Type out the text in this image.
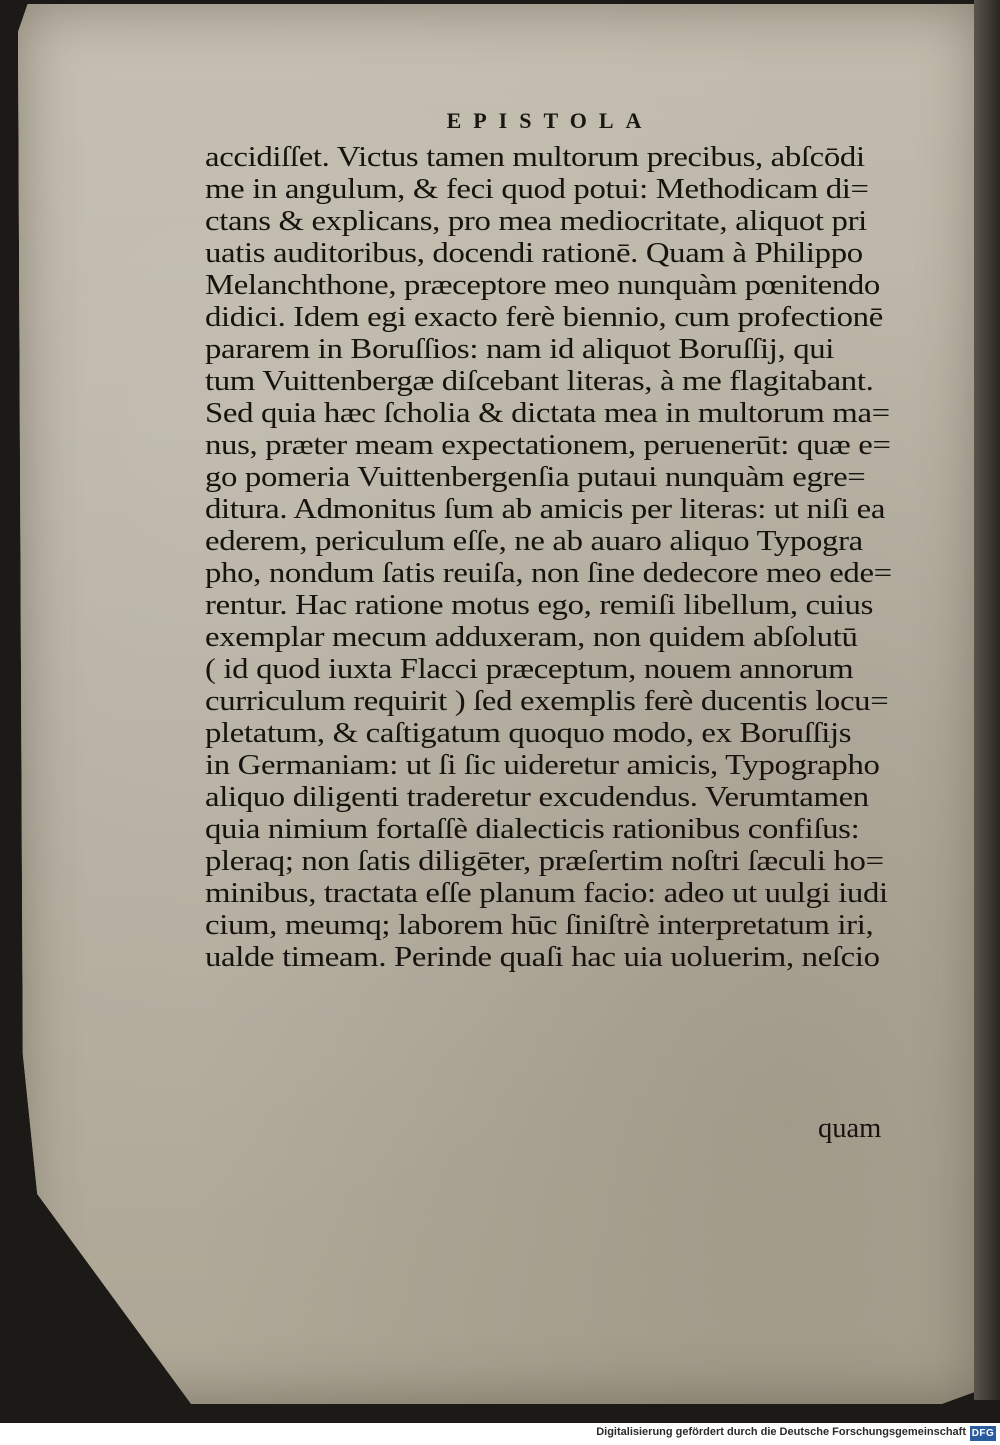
EPISTOLA
accidiſſet. Victus tamen multorum precibus, abſcōdi
me in angulum, & feci quod potui: Methodicam di=
ctans & explicans, pro mea mediocritate, aliquot pri
uatis auditoribus, docendi rationē. Quam à Philippo
Melanchthone, præceptore meo nunquàm pœnitendo
didici. Idem egi exacto ferè biennio, cum profectionē
pararem in Boruſſios: nam id aliquot Boruſſij, qui
tum Vuittenbergæ diſcebant literas, à me flagitabant.
Sed quia hæc ſcholia & dictata mea in multorum ma=
nus, præter meam expectationem, peruenerūt: quæ e=
go pomeria Vuittenbergenſia putaui nunquàm egre=
ditura. Admonitus ſum ab amicis per literas: ut niſi ea
ederem, periculum eſſe, ne ab auaro aliquo Typogra
pho, nondum ſatis reuiſa, non ſine dedecore meo ede=
rentur. Hac ratione motus ego, remiſi libellum, cuius
exemplar mecum adduxeram, non quidem abſolutū
( id quod iuxta Flacci præceptum, nouem annorum
curriculum requirit ) ſed exemplis ferè ducentis locu=
pletatum, & caſtigatum quoquo modo, ex Boruſſijs
in Germaniam: ut ſi ſic uideretur amicis, Typographo
aliquo diligenti traderetur excudendus. Verumtamen
quia nimium fortaſſè dialecticis rationibus confiſus:
pleraq; non ſatis diligēter, præſertim noſtri ſæculi ho=
minibus, tractata eſſe planum facio: adeo ut uulgi iudi
cium, meumq; laborem hūc ſiniſtrè interpretatum iri,
ualde timeam. Perinde quaſi hac uia uoluerim, neſcio
quam
Digitalisierung gefördert durch die Deutsche Forschungsgemeinschaft DFG
